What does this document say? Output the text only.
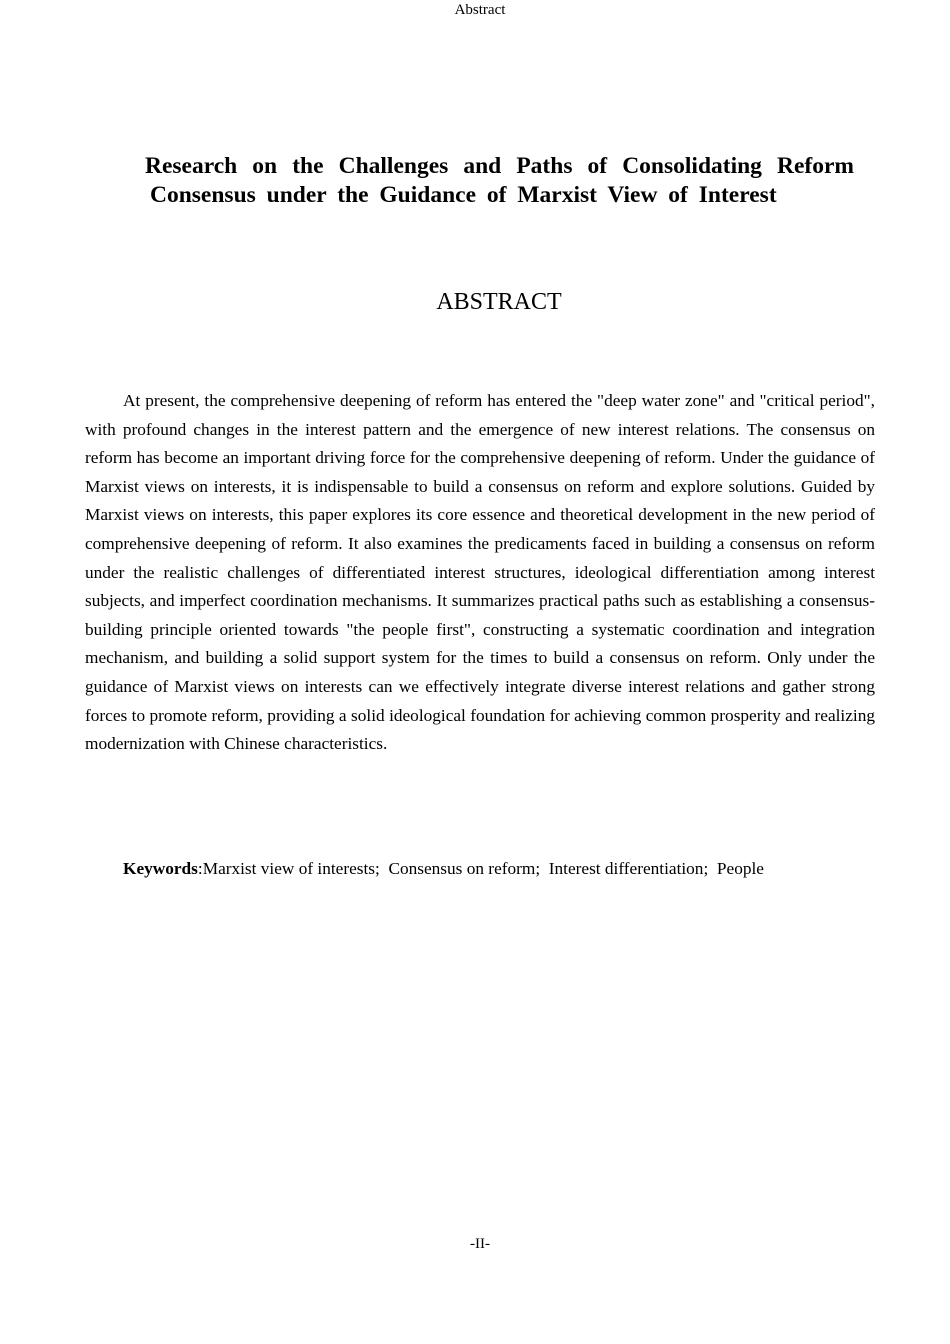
Abstract
Research on the Challenges and Paths of Consolidating Reform
Consensus under the Guidance of Marxist View of Interest
ABSTRACT

At present, the comprehensive deepening of reform has entered the "deep water zone" and "critical period", with profound changes in the interest pattern and the emergence of new interest relations. The consensus on reform has become an important driving force for the comprehensive deepening of reform. Under the guidance of Marxist views on interests, it is indispensable to build a consensus on reform and explore solutions. Guided by Marxist views on interests, this paper explores its core essence and theoretical development in the new period of comprehensive deepening of reform. It also examines the predicaments faced in building a consensus on reform under the realistic challenges of differentiated interest structures, ideological differentiation among interest subjects, and imperfect coordination mechanisms. It summarizes practical paths such as establishing a consensus-building principle oriented towards "the people first", constructing a systematic coordination and integration mechanism, and building a solid support system for the times to build a consensus on reform. Only under the guidance of Marxist views on interests can we effectively integrate diverse interest relations and gather strong forces to promote reform, providing a solid ideological foundation for achieving common prosperity and realizing modernization with Chinese characteristics.

Keywords:Marxist view of interests; Consensus on reform; Interest differentiation; People
-II-
